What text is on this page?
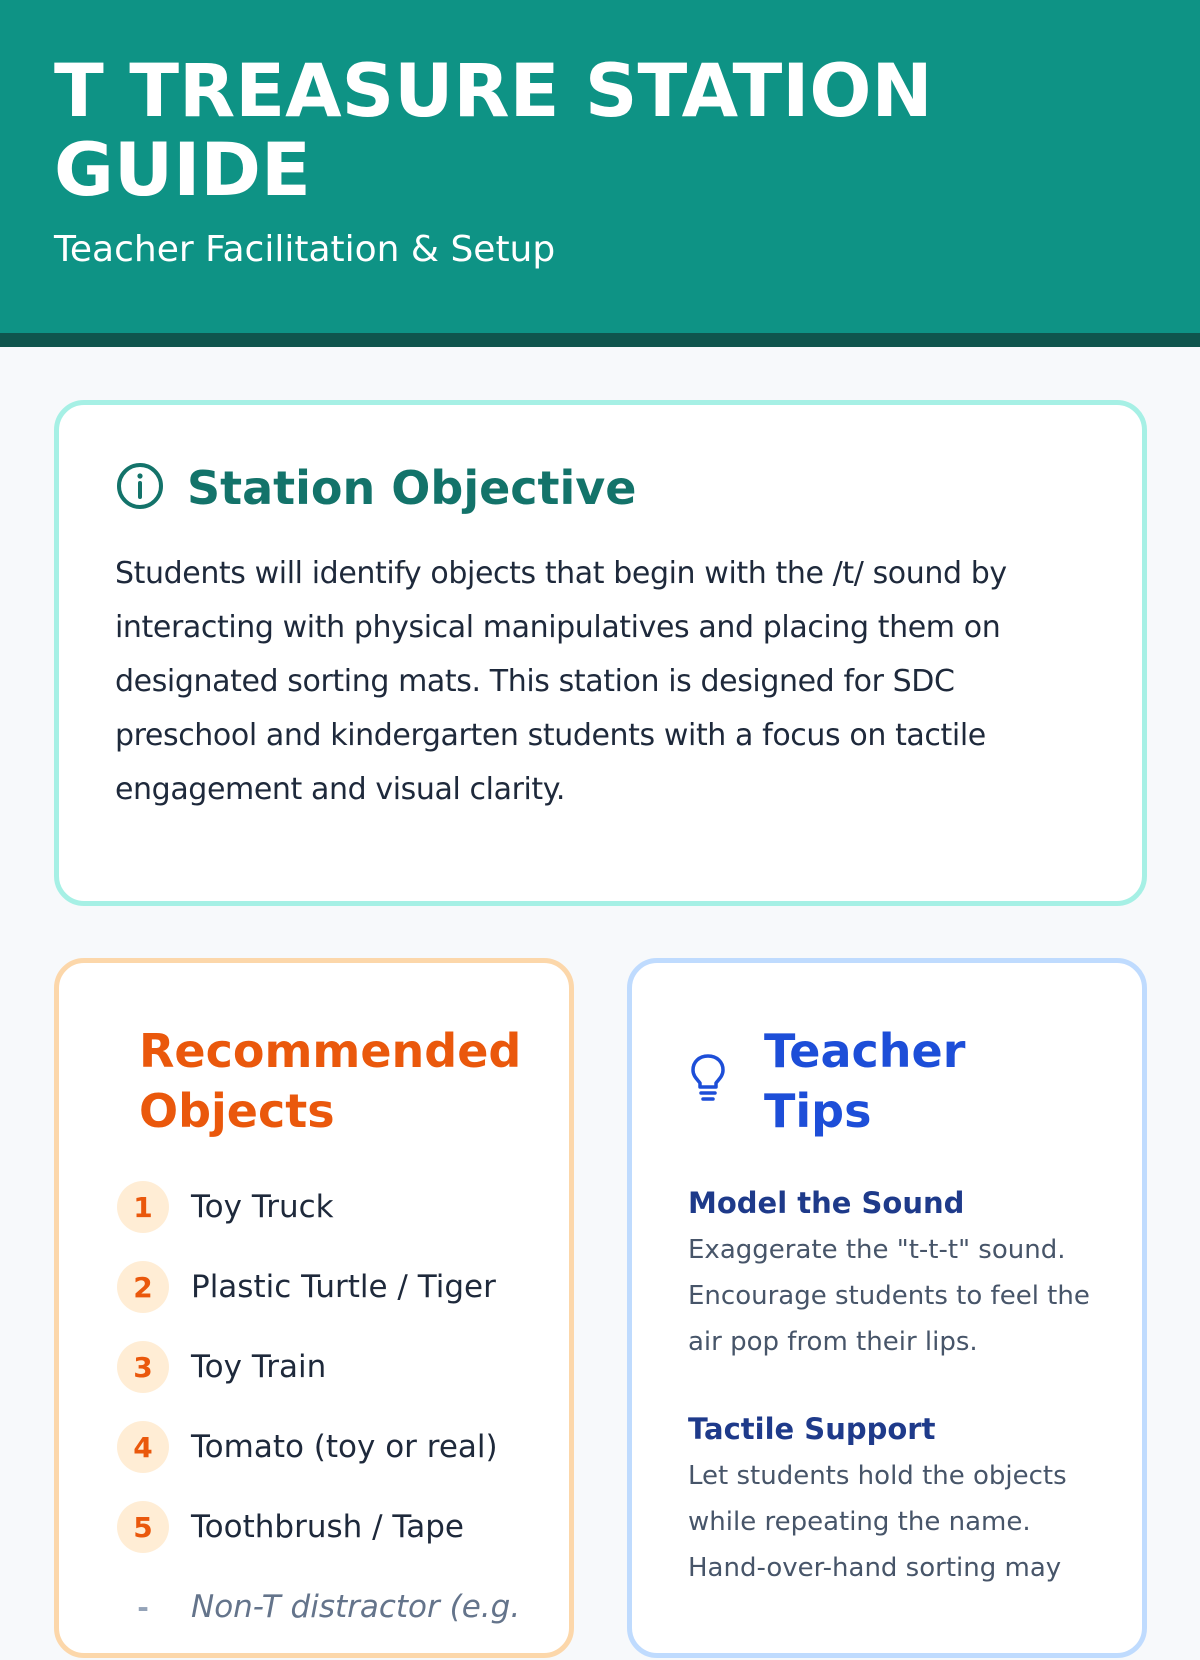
T TREASURE STATION GUIDE
Teacher Facilitation & Setup
Station Objective

Students will identify objects that begin with the /t/ sound by interacting with physical manipulatives and placing them on designated sorting mats. This station is designed for SDC preschool and kindergarten students with a focus on tactile engagement and visual clarity.

Recommended Objects
1	Toy Truck
2	Plastic Turtle / Tiger
3	Toy Train
4	Tomato (toy or real)
5	Toothbrush / Tape
-	Non-T distractor (e.g.
Teacher Tips

Model the Sound

Exaggerate the "t-t-t" sound. Encourage students to feel the air pop from their lips.

Tactile Support

Let students hold the objects while repeating the name. Hand-over-hand sorting may
